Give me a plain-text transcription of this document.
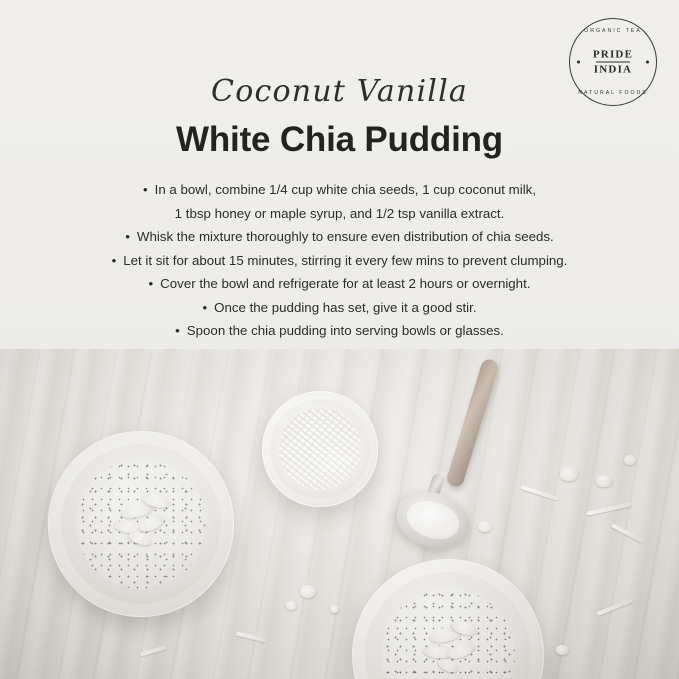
ORGANIC TEA
PRIDE
INDIA
NATURAL FOODS
Coconut Vanilla
White Chia Pudding
• In a bowl, combine 1/4 cup white chia seeds, 1 cup coconut milk,
1 tbsp honey or maple syrup, and 1/2 tsp vanilla extract.
• Whisk the mixture thoroughly to ensure even distribution of chia seeds.
• Let it sit for about 15 minutes, stirring it every few mins to prevent clumping.
• Cover the bowl and refrigerate for at least 2 hours or overnight.
• Once the pudding has set, give it a good stir.
• Spoon the chia pudding into serving bowls or glasses.
